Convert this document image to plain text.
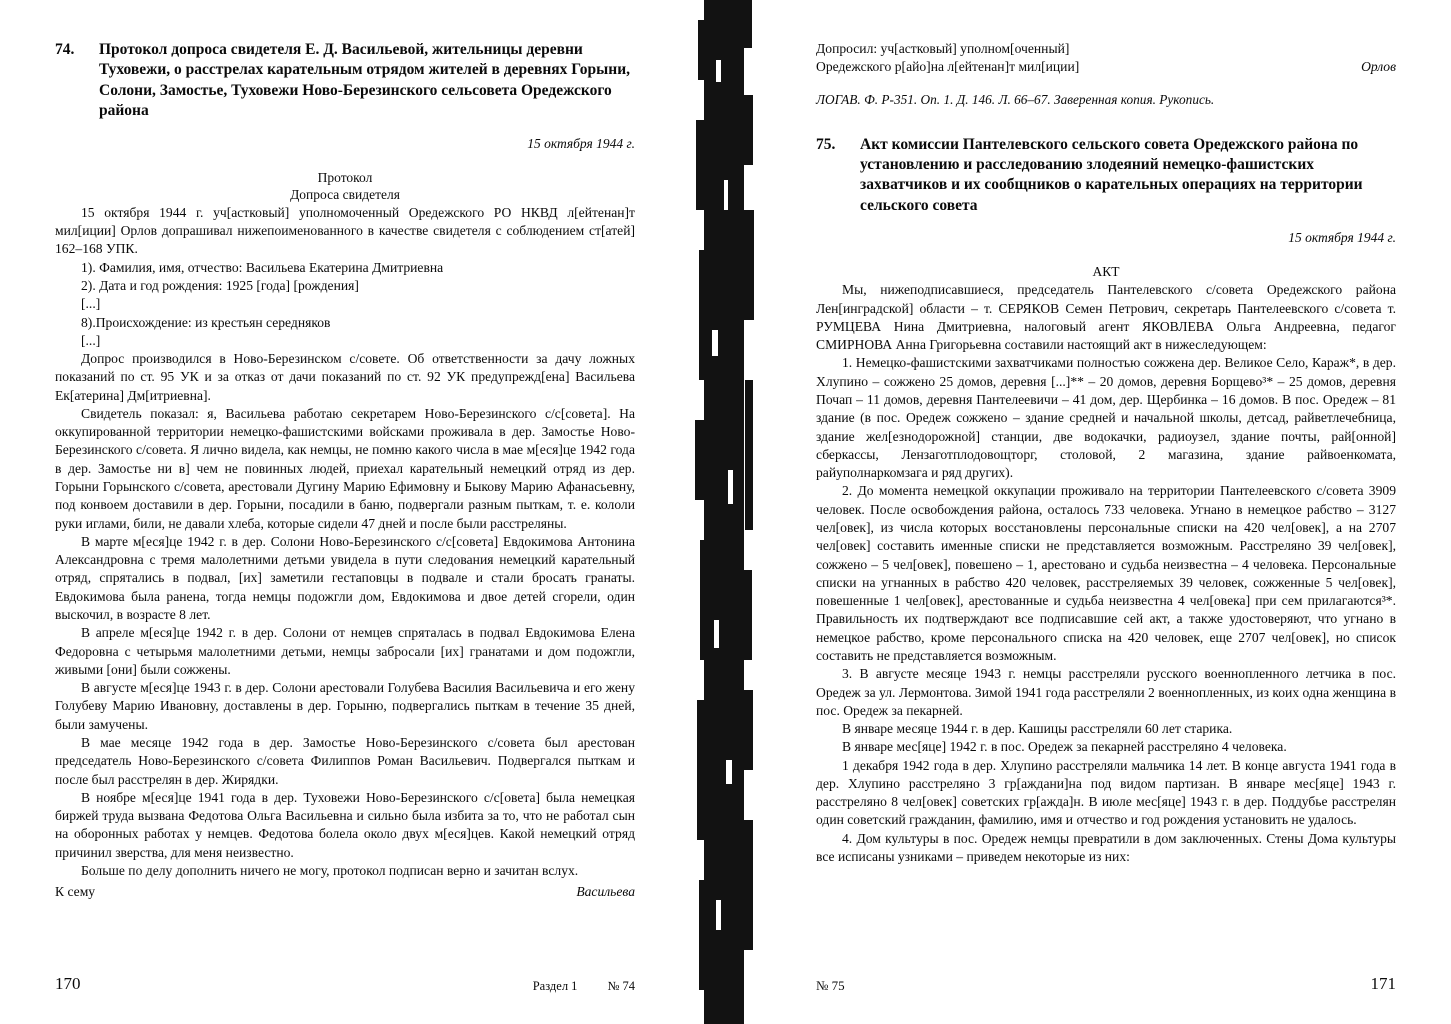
74.	Протокол допроса свидетеля Е. Д. Васильевой, жительницы деревни Туховежи, о расстрелах карательным отрядом жителей в деревнях Горыни, Солони, Замостье, Туховежи Ново-Березинского сельсовета Оредежского района
15 октября 1944 г.
Протокол
Допроса свидетеля

15 октября 1944 г. уч[астковый] уполномоченный Оредежского РО НКВД л[ейтенан]т мил[иции] Орлов допрашивал нижепоименованного в качестве свидетеля с соблюдением ст[атей] 162–168 УПК.

1). Фамилия, имя, отчество: Васильева Екатерина Дмитриевна

2). Дата и год рождения: 1925 [года] [рождения]

[...]

8).Происхождение: из крестьян середняков

[...]

Допрос производился в Ново-Березинском с/совете. Об ответственности за дачу ложных показаний по ст. 95 УК и за отказ от дачи показаний по ст. 92 УК предупрежд[ена] Васильева Ек[атерина] Дм[итриевна].

Свидетель показал: я, Васильева работаю секретарем Ново-Березинского с/с[совета]. На оккупированной территории немецко-фашистскими войсками проживала в дер. Замостье Ново-Березинского с/совета. Я лично видела, как немцы, не помню какого числа в мае м[еся]це 1942 года в дер. Замостье ни в] чем не повинных людей, приехал карательный немецкий отряд из дер. Горыни Горынского с/совета, арестовали Дугину Марию Ефимовну и Быкову Марию Афанасьевну, под конвоем доставили в дер. Горыни, посадили в баню, подвергали разным пыткам, т. е. кололи руки иглами, били, не давали хлеба, которые сидели 47 дней и после были расстреляны.

В марте м[еся]це 1942 г. в дер. Солони Ново-Березинского с/с[совета] Евдокимова Антонина Александровна с тремя малолетними детьми увидела в пути следования немецкий карательный отряд, спрятались в подвал, [их] заметили гестаповцы в подвале и стали бросать гранаты. Евдокимова была ранена, тогда немцы подожгли дом, Евдокимова и двое детей сгорели, один выскочил, в возрасте 8 лет.

В апреле м[еся]це 1942 г. в дер. Солони от немцев спряталась в подвал Евдокимова Елена Федоровна с четырьмя малолетними детьми, немцы забросали [их] гранатами и дом подожгли, живыми [они] были сожжены.

В августе м[еся]це 1943 г. в дер. Солони арестовали Голубева Василия Васильевича и его жену Голубеву Марию Ивановну, доставлены в дер. Горыню, подвергались пыткам в течение 35 дней, были замучены.

В мае месяце 1942 года в дер. Замостье Ново-Березинского с/совета был арестован председатель Ново-Березинского с/совета Филиппов Роман Васильевич. Подвергался пыткам и после был расстрелян в дер. Жирядки.

В ноябре м[еся]це 1941 года в дер. Туховежи Ново-Березинского с/с[овета] была немецкая биржей труда вызвана Федотова Ольга Васильевна и сильно была избита за то, что не работал сын на оборонных работах у немцев. Федотова болела около двух м[еся]цев. Какой немецкий отряд причинил зверства, для меня неизвестно.

Больше по делу дополнить ничего не могу, протокол подписан верно и зачитан вслух.

К сему	Васильева
170	Раздел 1 № 74

Допросил: уч[астковый] уполном[оченный]

Оредежского р[айо]на л[ейтенан]т мил[иции]	Орлов
ЛОГАВ. Ф. Р-351. Оп. 1. Д. 146. Л. 66–67. Заверенная копия. Рукопись.
75.	Акт комиссии Пантелевского сельского совета Оредежского района по установлению и расследованию злодеяний немецко-фашистских захватчиков и их сообщников о карательных операциях на территории сельского совета
15 октября 1944 г.
АКТ

Мы, нижеподписавшиеся, председатель Пантелевского с/совета Оредежского района Лен[инградской] области – т. СЕРЯКОВ Семен Петрович, секретарь Пантелеевского с/совета т. РУМЦЕВА Нина Дмитриевна, налоговый агент ЯКОВЛЕВА Ольга Андреевна, педагог СМИРНОВА Анна Григорьевна составили настоящий акт в нижеследующем:

1. Немецко-фашистскими захватчиками полностью сожжена дер. Великое Село, Караж*, в дер. Хлупино – сожжено 25 домов, деревня [...]** – 20 домов, деревня Борщево³* – 25 домов, деревня Почап – 11 домов, деревня Пантелеевичи – 41 дом, дер. Щербинка – 16 домов. В пос. Оредеж – 81 здание (в пос. Оредеж сожжено – здание средней и начальной школы, детсад, райветлечебница, здание жел[езнодорожной] станции, две водокачки, радиоузел, здание почты, рай[онной] сберкассы, Лензаготплодовощторг, столовой, 2 магазина, здание райвоенкомата, райуполнаркомзага и ряд других).

2. До момента немецкой оккупации проживало на территории Пантелеевского с/совета 3909 человек. После освобождения района, осталось 733 человека. Угнано в немецкое рабство – 3127 чел[овек], из числа которых восстановлены персональные списки на 420 чел[овек], а на 2707 чел[овек] составить именные списки не представляется возможным. Расстреляно 39 чел[овек], сожжено – 5 чел[овек], повешено – 1, арестовано и судьба неизвестна – 4 человека. Персональные списки на угнанных в рабство 420 человек, расстреляемых 39 человек, сожженные 5 чел[овек], повешенные 1 чел[овек], арестованные и судьба неизвестна 4 чел[овека] при сем прилагаются³*. Правильность их подтверждают все подписавшие сей акт, а также удостоверяют, что угнано в немецкое рабство, кроме персонального списка на 420 человек, еще 2707 чел[овек], но список составить не представляется возможным.

3. В августе месяце 1943 г. немцы расстреляли русского военнопленного летчика в пос. Оредеж за ул. Лермонтова. Зимой 1941 года расстреляли 2 военнопленных, из коих одна женщина в пос. Оредеж за пекарней.

В январе месяце 1944 г. в дер. Кашицы расстреляли 60 лет старика.

В январе мес[яце] 1942 г. в пос. Оредеж за пекарней расстреляно 4 человека.

1 декабря 1942 года в дер. Хлупино расстреляли мальчика 14 лет. В конце августа 1941 года в дер. Хлупино расстреляно 3 гр[аждани]на под видом партизан. В январе мес[яце] 1943 г. расстреляно 8 чел[овек] советских гр[ажда]н. В июле мес[яце] 1943 г. в дер. Поддубье расстрелян один советский гражданин, фамилию, имя и отчество и год рождения установить не удалось.

4. Дом культуры в пос. Оредеж немцы превратили в дом заключенных. Стены Дома культуры все исписаны узниками – приведем некоторые из них:

№ 75	171
